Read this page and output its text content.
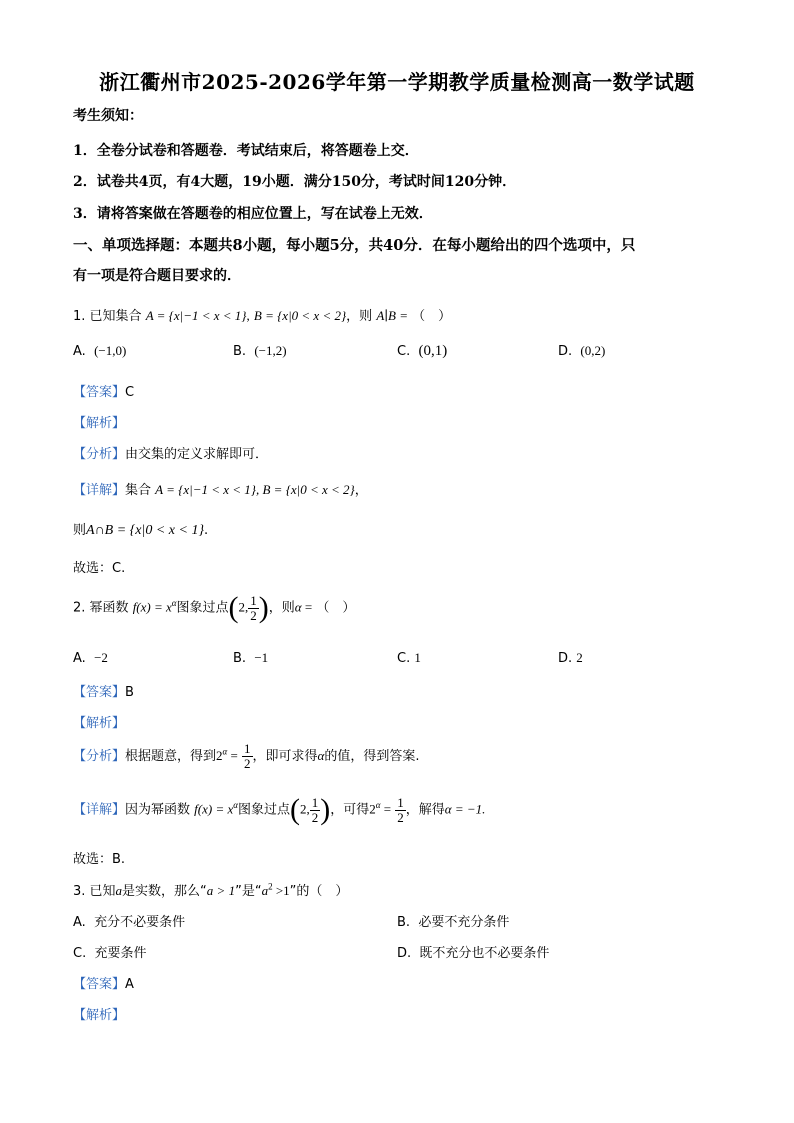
浙江衢州市2025-2026学年第一学期教学质量检测高一数学试题
考生须知：
1．全卷分试卷和答题卷．考试结束后，将答题卷上交．
2．试卷共4页，有4大题，19小题．满分150分，考试时间120分钟．
3．请将答案做在答题卷的相应位置上，写在试卷上无效．
一、单项选择题：本题共8小题，每小题5分，共40分．在每小题给出的四个选项中，只
有一项是符合题目要求的．
1. 已知集合 A = {x|−1 < x < 1}, B = {x|0 < x < 2}，则 A∣B = （　）
A. (−1,0)	B. (−1,2)	C. (0,1)	D. (0,2)
【答案】C
【解析】
【分析】由交集的定义求解即可．
【详解】集合 A = {x|−1 < x < 1}, B = {x|0 < x < 2}，
则A∩B = {x|0 < x < 1}.
故选：C.
2. 幂函数 $f(x) = x^\alpha$图象过点(2, $\frac{1}{2}$ )，则α = （　）
A. −2	B. −1	C. 1	D. 2
【答案】B
【解析】
【分析】根据题意，得到$2^\alpha = \frac{1}{2}$ ，即可求得α的值，得到答案.
【详解】因为幂函数 $f(x) = x^\alpha$图象过点(2, $\frac{1}{2}$ )，可得$2^\alpha = \frac{1}{2}$ ，解得α = −1.
故选：B.
3. 已知a是实数，那么“a > 1”是“$a^2 >1$”的（　）
A. 充分不必要条件	B. 必要不充分条件
C. 充要条件	D. 既不充分也不必要条件
【答案】A
【解析】
